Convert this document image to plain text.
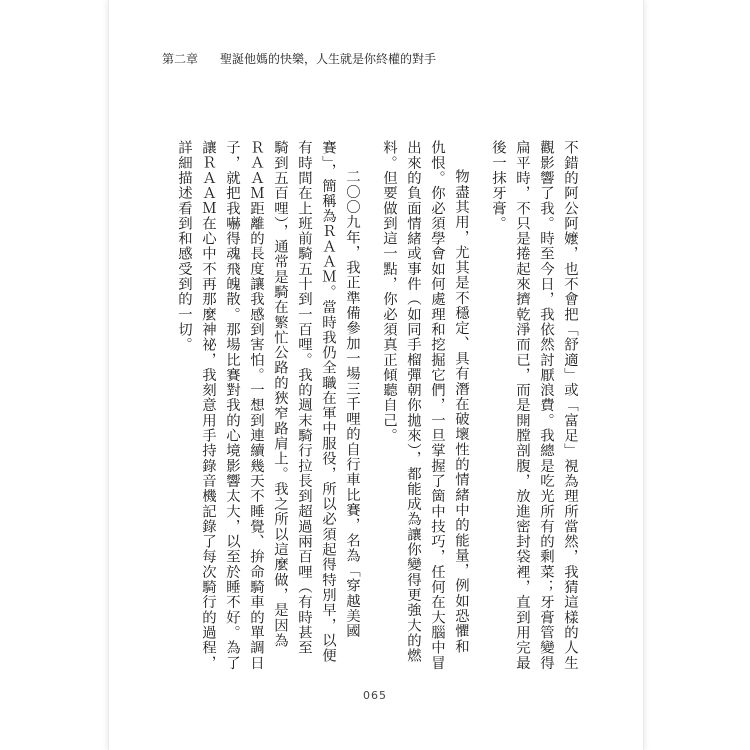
第二章 聖誕他媽的快樂，人生就是你終權的對手
不錯的阿公阿嬤，也不會把「舒適」或「富足」視為理所當然，我猜這樣的人生
觀影響了我。時至今日，我依然討厭浪費。我總是吃光所有的剩菜；牙膏管變得
扁平時，不只是捲起來擠乾淨而已，而是開膛剖腹，放進密封袋裡，直到用完最
後一抹牙膏。
物盡其用，尤其是不穩定、具有潛在破壞性的情緒中的能量，例如恐懼和
仇恨。你必須學會如何處理和挖掘它們，一旦掌握了箇中技巧，任何在大腦中冒
出來的負面情緒或事件（如同手榴彈朝你拋來），都能成為讓你變得更強大的燃
料。但要做到這一點，你必須真正傾聽自己。
二〇〇九年，我正準備參加一場三千哩的自行車比賽，名為「穿越美國
賽」，簡稱為ＲＡＡＭ。當時我仍全職在軍中服役，所以必須起得特別早，以便
有時間在上班前騎五十到一百哩。我的週末騎行拉長到超過兩百哩（有時甚至
騎到五百哩），通常是騎在繁忙公路的狹窄路肩上。我之所以這麼做，是因為
ＲＡＡＭ距離的長度讓我感到害怕。一想到連續幾天不睡覺、拚命騎車的單調日
子，就把我嚇得魂飛魄散。那場比賽對我的心境影響太大，以至於睡不好。為了
讓ＲＡＡＭ在心中不再那麼神祕，我刻意用手持錄音機記錄了每次騎行的過程，
詳細描述看到和感受到的一切。
065
